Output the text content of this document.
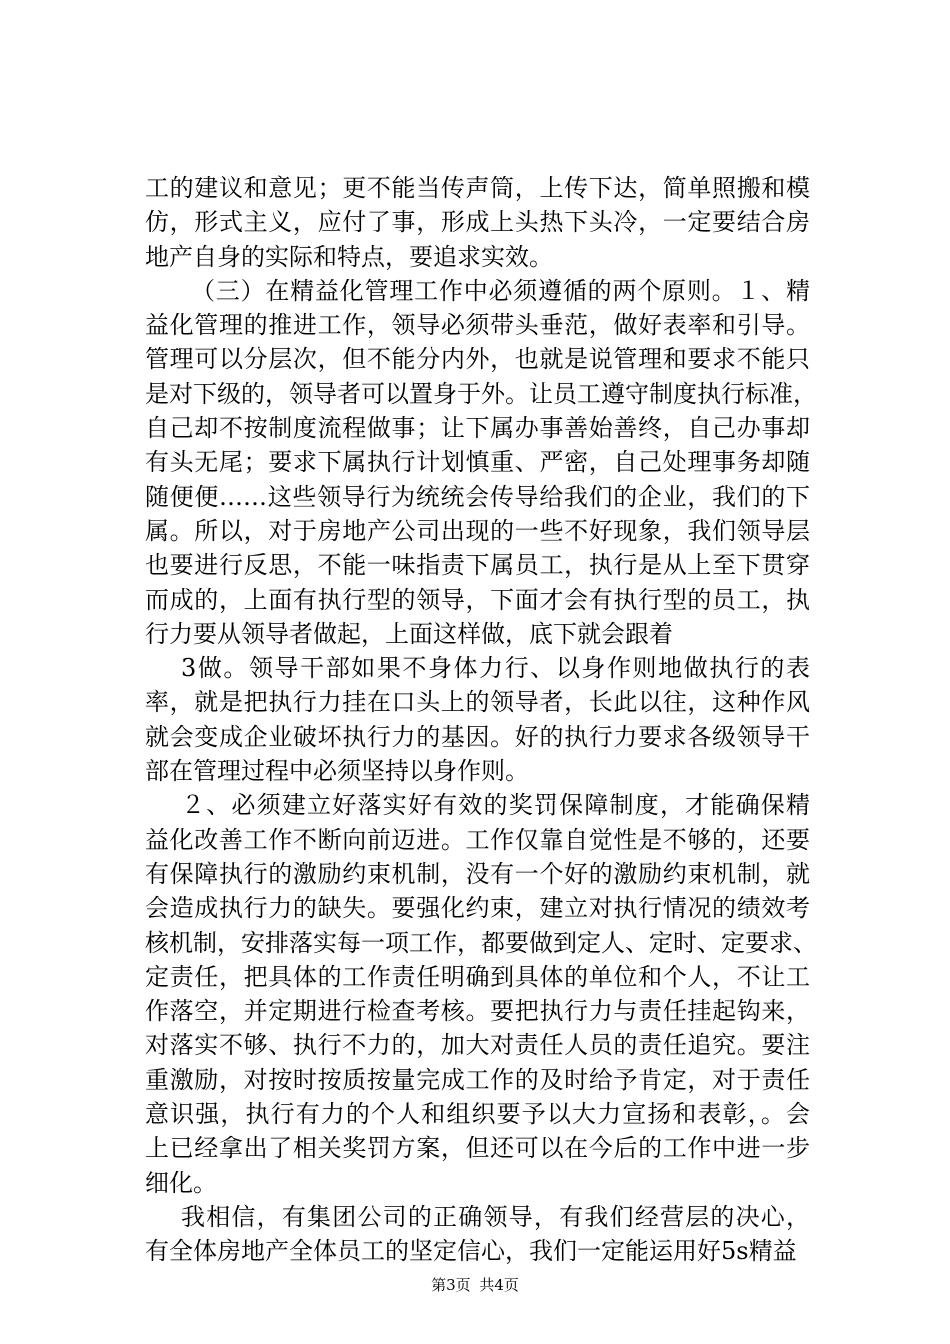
工的建议和意见；更不能当传声筒，上传下达，简单照搬和模
仿，形式主义，应付了事，形成上头热下头冷，一定要结合房
地产自身的实际和特点，要追求实效。
（三）在精益化管理工作中必须遵循的两个原则。１、精
益化管理的推进工作，领导必须带头垂范，做好表率和引导。
管理可以分层次，但不能分内外，也就是说管理和要求不能只
是对下级的，领导者可以置身于外。让员工遵守制度执行标准，
自己却不按制度流程做事；让下属办事善始善终，自己办事却
有头无尾；要求下属执行计划慎重、严密，自己处理事务却随
随便便……这些领导行为统统会传导给我们的企业，我们的下
属。所以，对于房地产公司出现的一些不好现象，我们领导层
也要进行反思，不能一味指责下属员工，执行是从上至下贯穿
而成的，上面有执行型的领导，下面才会有执行型的员工，执
行力要从领导者做起，上面这样做，底下就会跟着
3做。领导干部如果不身体力行、以身作则地做执行的表
率，就是把执行力挂在口头上的领导者，长此以往，这种作风
就会变成企业破坏执行力的基因。好的执行力要求各级领导干
部在管理过程中必须坚持以身作则。
２、必须建立好落实好有效的奖罚保障制度，才能确保精
益化改善工作不断向前迈进。工作仅靠自觉性是不够的，还要
有保障执行的激励约束机制，没有一个好的激励约束机制，就
会造成执行力的缺失。要强化约束，建立对执行情况的绩效考
核机制，安排落实每一项工作，都要做到定人、定时、定要求、
定责任，把具体的工作责任明确到具体的单位和个人，不让工
作落空，并定期进行检查考核。要把执行力与责任挂起钩来，
对落实不够、执行不力的，加大对责任人员的责任追究。要注
重激励，对按时按质按量完成工作的及时给予肯定，对于责任
意识强，执行有力的个人和组织要予以大力宣扬和表彰，。会
上已经拿出了相关奖罚方案，但还可以在今后的工作中进一步
细化。
我相信，有集团公司的正确领导，有我们经营层的决心，
有全体房地产全体员工的坚定信心，我们一定能运用好5s精益
第3页 共4页
